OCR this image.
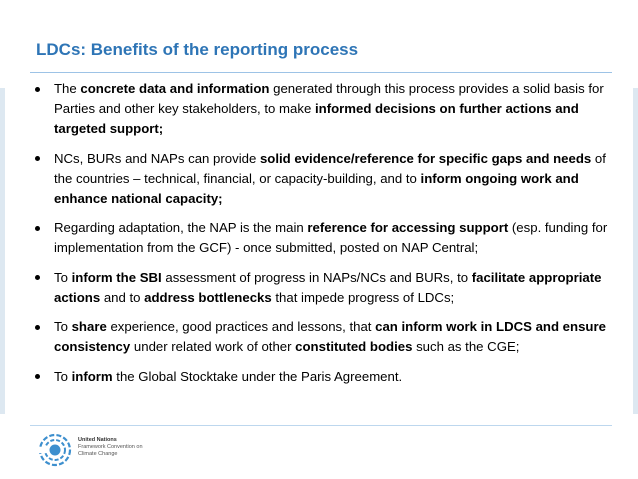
LDCs: Benefits of the reporting process
The concrete data and information generated through this process provides a solid basis for Parties and other key stakeholders, to make informed decisions on further actions and targeted support;
NCs, BURs and NAPs can provide solid evidence/reference for specific gaps and needs of the countries – technical, financial, or capacity-building, and to inform ongoing work and enhance national capacity;
Regarding adaptation, the NAP is the main reference for accessing support (esp. funding for implementation from the GCF) - once submitted, posted on NAP Central;
To inform the SBI assessment of progress in NAPs/NCs and BURs, to facilitate appropriate actions and to address bottlenecks that impede progress of LDCs;
To share experience, good practices and lessons, that can inform work in LDCS and ensure consistency under related work of other constituted bodies such as the CGE;
To inform the Global Stocktake under the Paris Agreement.
United Nations
Framework Convention on
Climate Change
